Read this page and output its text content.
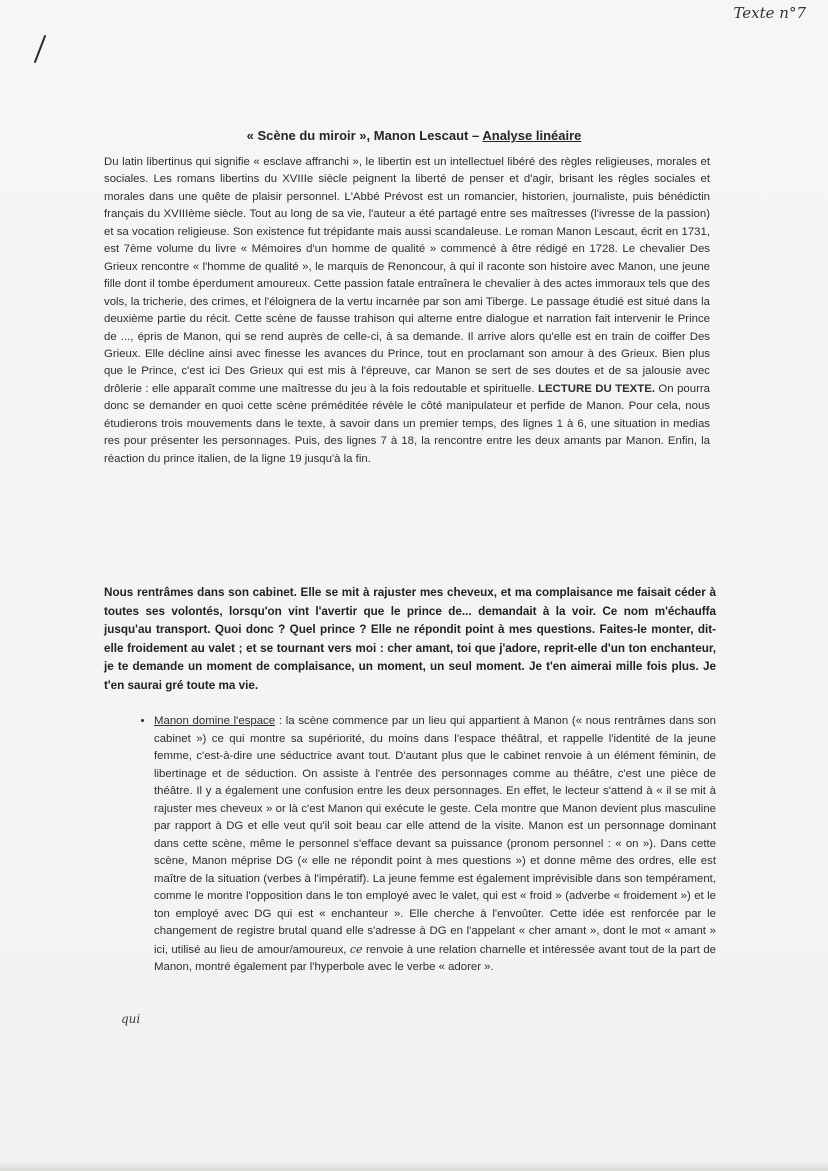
Texte n°7
« Scène du miroir », Manon Lescaut – Analyse linéaire
Du latin libertinus qui signifie « esclave affranchi », le libertin est un intellectuel libéré des règles religieuses, morales et sociales. Les romans libertins du XVIIIe siècle peignent la liberté de penser et d'agir, brisant les règles sociales et morales dans une quête de plaisir personnel. L'Abbé Prévost est un romancier, historien, journaliste, puis bénédictin français du XVIIIème siècle. Tout au long de sa vie, l'auteur a été partagé entre ses maîtresses (l'ivresse de la passion) et sa vocation religieuse. Son existence fut trépidante mais aussi scandaleuse. Le roman Manon Lescaut, écrit en 1731, est 7ème volume du livre « Mémoires d'un homme de qualité » commencé à être rédigé en 1728. Le chevalier Des Grieux rencontre « l'homme de qualité », le marquis de Renoncour, à qui il raconte son histoire avec Manon, une jeune fille dont il tombe éperdument amoureux. Cette passion fatale entraînera le chevalier à des actes immoraux tels que des vols, la tricherie, des crimes, et l'éloignera de la vertu incarnée par son ami Tiberge. Le passage étudié est situé dans la deuxième partie du récit. Cette scène de fausse trahison qui alterne entre dialogue et narration fait intervenir le Prince de ..., épris de Manon, qui se rend auprès de celle-ci, à sa demande. Il arrive alors qu'elle est en train de coiffer Des Grieux. Elle décline ainsi avec finesse les avances du Prince, tout en proclamant son amour à des Grieux. Bien plus que le Prince, c'est ici Des Grieux qui est mis à l'épreuve, car Manon se sert de ses doutes et de sa jalousie avec drôlerie : elle apparaît comme une maîtresse du jeu à la fois redoutable et spirituelle. LECTURE DU TEXTE. On pourra donc se demander en quoi cette scène préméditée révèle le côté manipulateur et perfide de Manon. Pour cela, nous étudierons trois mouvements dans le texte, à savoir dans un premier temps, des lignes 1 à 6, une situation in medias res pour présenter les personnages. Puis, des lignes 7 à 18, la rencontre entre les deux amants par Manon. Enfin, la réaction du prince italien, de la ligne 19 jusqu'à la fin.
Nous rentrâmes dans son cabinet. Elle se mit à rajuster mes cheveux, et ma complaisance me faisait céder à toutes ses volontés, lorsqu'on vint l'avertir que le prince de... demandait à la voir. Ce nom m'échauffa jusqu'au transport. Quoi donc ? Quel prince ? Elle ne répondit point à mes questions. Faites-le monter, dit-elle froidement au valet ; et se tournant vers moi : cher amant, toi que j'adore, reprit-elle d'un ton enchanteur, je te demande un moment de complaisance, un moment, un seul moment. Je t'en aimerai mille fois plus. Je t'en saurai gré toute ma vie.
• Manon domine l'espace : la scène commence par un lieu qui appartient à Manon (« nous rentrâmes dans son cabinet ») ce qui montre sa supériorité, du moins dans l'espace théâtral, et rappelle l'identité de la jeune femme, c'est-à-dire une séductrice avant tout. D'autant plus que le cabinet renvoie à un élément féminin, de libertinage et de séduction. On assiste à l'entrée des personnages comme au théâtre, c'est une pièce de théâtre. Il y a également une confusion entre les deux personnages. En effet, le lecteur s'attend à « il se mit à rajuster mes cheveux » or là c'est Manon qui exécute le geste. Cela montre que Manon devient plus masculine par rapport à DG et elle veut qu'il soit beau car elle attend de la visite. Manon est un personnage dominant dans cette scène, même le personnel s'efface devant sa puissance (pronom personnel : « on »). Dans cette scène, Manon méprise DG (« elle ne répondit point à mes questions ») et donne même des ordres, elle est maître de la situation (verbes à l'impératif). La jeune femme est également imprévisible dans son tempérament, comme le montre l'opposition dans le ton employé avec le valet, qui est « froid » (adverbe « froidement ») et le ton employé avec DG qui est « enchanteur ». Elle cherche à l'envoûter. Cette idée est renforcée par le changement de registre brutal quand elle s'adresse à DG en l'appelant « cher amant », dont le mot « amant » ici, utilisé au lieu de amour/amoureux, ce renvoie à une relation charnelle et intéressée avant tout de la part de Manon, montré également par l'hyperbole avec le verbe « adorer ».
qui
